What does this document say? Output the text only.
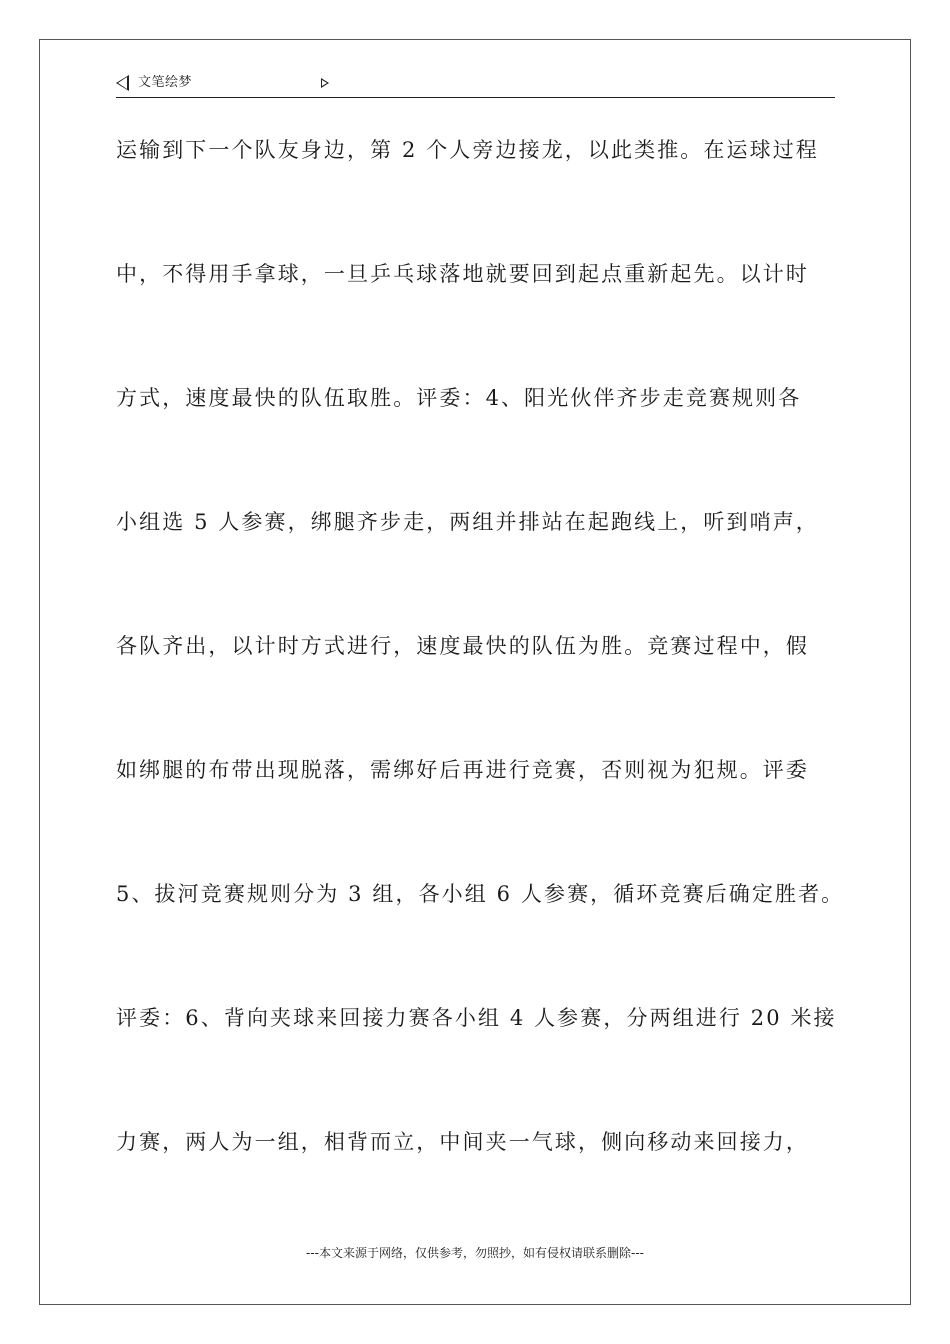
文笔绘梦
运输到下一个队友身边，第 2 个人旁边接龙，以此类推。在运球过程
中，不得用手拿球，一旦乒乓球落地就要回到起点重新起先。以计时
方式，速度最快的队伍取胜。评委：4、阳光伙伴齐步走竞赛规则各
小组选 5 人参赛，绑腿齐步走，两组并排站在起跑线上，听到哨声，
各队齐出，以计时方式进行，速度最快的队伍为胜。竞赛过程中，假
如绑腿的布带出现脱落，需绑好后再进行竞赛，否则视为犯规。评委
5、拔河竞赛规则分为 3 组，各小组 6 人参赛，循环竞赛后确定胜者。
评委：6、背向夹球来回接力赛各小组 4 人参赛，分两组进行 20 米接
力赛，两人为一组，相背而立，中间夹一气球，侧向移动来回接力，
---本文来源于网络，仅供参考，勿照抄，如有侵权请联系删除---
